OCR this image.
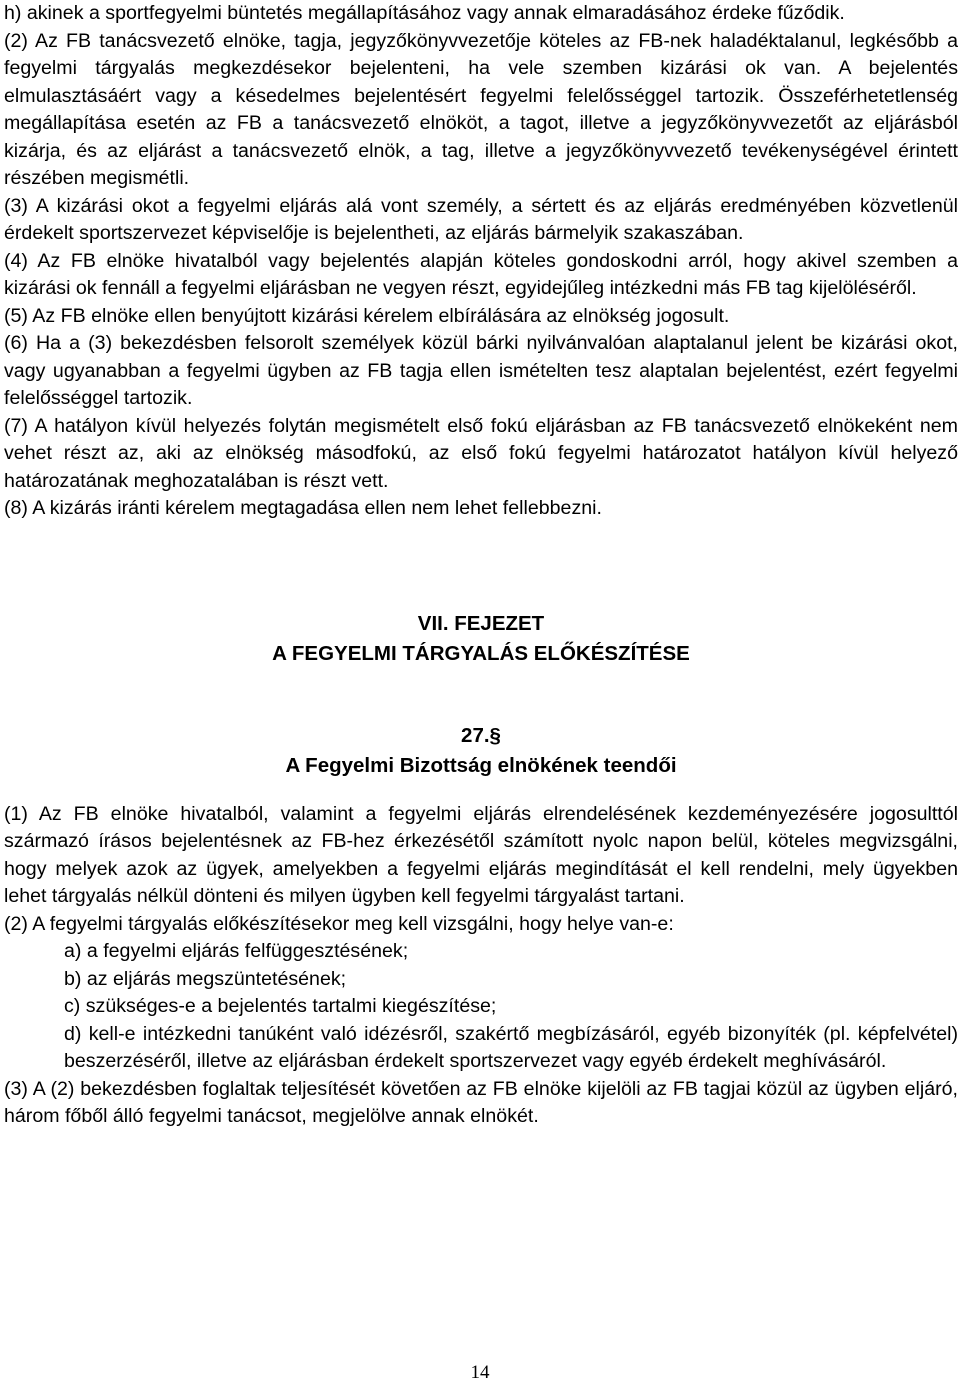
h) akinek a sportfegyelmi büntetés megállapításához vagy annak elmaradásához érdeke fűződik.

(2) Az FB tanácsvezető elnöke, tagja, jegyzőkönyvvezetője köteles az FB-nek haladéktalanul, legkésőbb a fegyelmi tárgyalás megkezdésekor bejelenteni, ha vele szemben kizárási ok van. A bejelentés elmulasztásáért vagy a késedelmes bejelentésért fegyelmi felelősséggel tartozik. Összeférhetetlenség megállapítása esetén az FB a tanácsvezető elnököt, a tagot, illetve a jegyzőkönyvvezetőt az eljárásból kizárja, és az eljárást a tanácsvezető elnök, a tag, illetve a jegyzőkönyvvezető tevékenységével érintett részében megismétli.

(3) A kizárási okot a fegyelmi eljárás alá vont személy, a sértett és az eljárás eredményében közvetlenül érdekelt sportszervezet képviselője is bejelentheti, az eljárás bármelyik szakaszában.

(4) Az FB elnöke hivatalból vagy bejelentés alapján köteles gondoskodni arról, hogy akivel szemben a kizárási ok fennáll a fegyelmi eljárásban ne vegyen részt, egyidejűleg intézkedni más FB tag kijelöléséről.

(5) Az FB elnöke ellen benyújtott kizárási kérelem elbírálására az elnökség jogosult.

(6) Ha a (3) bekezdésben felsorolt személyek közül bárki nyilvánvalóan alaptalanul jelent be kizárási okot, vagy ugyanabban a fegyelmi ügyben az FB tagja ellen ismételten tesz alaptalan bejelentést, ezért fegyelmi felelősséggel tartozik.

(7) A hatályon kívül helyezés folytán megismételt első fokú eljárásban az FB tanácsvezető elnökeként nem vehet részt az, aki az elnökség másodfokú, az első fokú fegyelmi határozatot hatályon kívül helyező határozatának meghozatalában is részt vett.

(8) A kizárás iránti kérelem megtagadása ellen nem lehet fellebbezni.

VII. FEJEZET

A FEGYELMI TÁRGYALÁS ELŐKÉSZÍTÉSE

27.§

A Fegyelmi Bizottság elnökének teendői

(1) Az FB elnöke hivatalból, valamint a fegyelmi eljárás elrendelésének kezdeményezésére jogosulttól származó írásos bejelentésnek az FB-hez érkezésétől számított nyolc napon belül, köteles megvizsgálni, hogy melyek azok az ügyek, amelyekben a fegyelmi eljárás megindítását el kell rendelni, mely ügyekben lehet tárgyalás nélkül dönteni és milyen ügyben kell fegyelmi tárgyalást tartani.

(2) A fegyelmi tárgyalás előkészítésekor meg kell vizsgálni, hogy helye van-e:

a) a fegyelmi eljárás felfüggesztésének;
b) az eljárás megszüntetésének;
c) szükséges-e a bejelentés tartalmi kiegészítése;
d) kell-e intézkedni tanúként való idézésről, szakértő megbízásáról, egyéb bizonyíték (pl. képfelvétel) beszerzéséről, illetve az eljárásban érdekelt sportszervezet vagy egyéb érdekelt meghívásáról.

(3) A (2) bekezdésben foglaltak teljesítését követően az FB elnöke kijelöli az FB tagjai közül az ügyben eljáró, három főből álló fegyelmi tanácsot, megjelölve annak elnökét.

14
